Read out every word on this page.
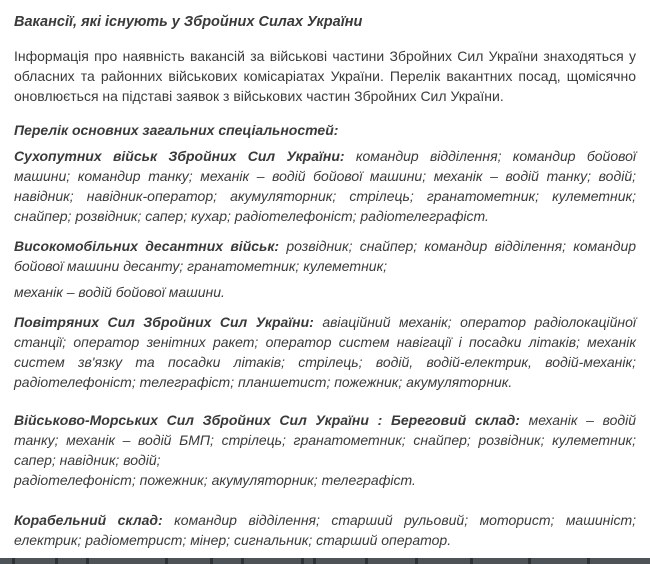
Вакансії, які існують у Збройних Силах України

Інформація про наявність вакансій за військові частини Збройних Сил України знаходяться у обласних та районних військових комісаріатах України. Перелік вакантних посад, щомісячно оновлюється на підставі заявок з військових частин Збройних Сил України.

Перелік основних загальних спеціальностей:

Сухопутних військ Збройних Сил України: командир відділення; командир бойової машини; командир танку; механік – водій бойової машини; механік – водій танку; водій; навідник; навідник-оператор; акумуляторник; стрілець; гранатометник; кулеметник; снайпер; розвідник; сапер; кухар; радіотелефоніст; радіотелеграфіст.

Високомобільних десантних військ: розвідник; снайпер; командир відділення; командир бойової машини десанту; гранатометник; кулеметник;

механік – водій бойової машини.

Повітряних Сил Збройних Сил України: авіаційний механік; оператор радіолокаційної станції; оператор зенітних ракет; оператор систем навігації і посадки літаків; механік систем зв'язку та посадки літаків; стрілець; водій, водій-електрик, водій-механік; радіотелефоніст; телеграфіст; планшетист; пожежник; акумуляторник.

Військово-Морських Сил Збройних Сил України : Береговий склад: механік – водій танку; механік – водій БМП; стрілець; гранатометник; снайпер; розвідник; кулеметник; сапер; навідник; водій;
радіотелефоніст; пожежник; акумуляторник; телеграфіст.

Корабельний склад: командир відділення; старший рульовий; моторист; машиніст; електрик; радіометрист; мінер; сигнальник; старший оператор.
